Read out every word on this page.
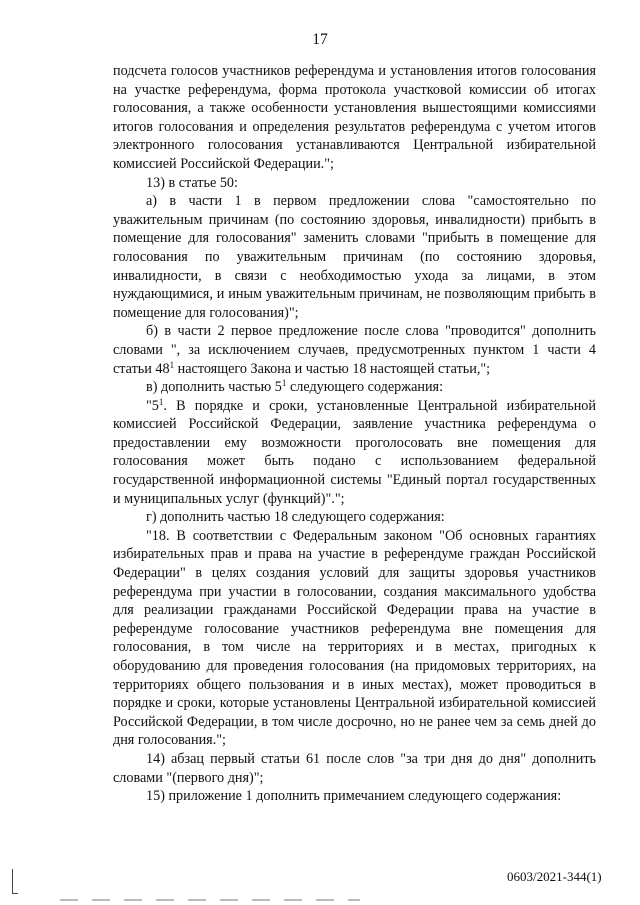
17

подсчета голосов участников референдума и установления итогов голосования на участке референдума, форма протокола участковой комиссии об итогах голосования, а также особенности установления вышестоящими комиссиями итогов голосования и определения результатов референдума с учетом итогов электронного голосования устанавливаются Центральной избирательной комиссией Российской Федерации.";

13) в статье 50:

а) в части 1 в первом предложении слова "самостоятельно по уважительным причинам (по состоянию здоровья, инвалидности) прибыть в помещение для голосования" заменить словами "прибыть в помещение для голосования по уважительным причинам (по состоянию здоровья, инвалидности, в связи с необходимостью ухода за лицами, в этом нуждающимися, и иным уважительным причинам, не позволяющим прибыть в помещение для голосования)";

б) в части 2 первое предложение после слова "проводится" дополнить словами ", за исключением случаев, предусмотренных пунктом 1 части 4 статьи $48^1$ настоящего Закона и частью 18 настоящей статьи,";

в) дополнить частью $5^1$ следующего содержания:

"$5^1$. В порядке и сроки, установленные Центральной избирательной комиссией Российской Федерации, заявление участника референдума о предоставлении ему возможности проголосовать вне помещения для голосования может быть подано с использованием федеральной государственной информационной системы "Единый портал государственных и муниципальных услуг (функций)".";

г) дополнить частью 18 следующего содержания:

"18. В соответствии с Федеральным законом "Об основных гарантиях избирательных прав и права на участие в референдуме граждан Российской Федерации" в целях создания условий для защиты здоровья участников референдума при участии в голосовании, создания максимального удобства для реализации гражданами Российской Федерации права на участие в референдуме голосование участников референдума вне помещения для голосования, в том числе на территориях и в местах, пригодных к оборудованию для проведения голосования (на придомовых территориях, на территориях общего пользования и в иных местах), может проводиться в порядке и сроки, которые установлены Центральной избирательной комиссией Российской Федерации, в том числе досрочно, но не ранее чем за семь дней до дня голосования.";

14) абзац первый статьи 61 после слов "за три дня до дня" дополнить словами "(первого дня)";

15) приложение 1 дополнить примечанием следующего содержания:

0603/2021-344(1)
